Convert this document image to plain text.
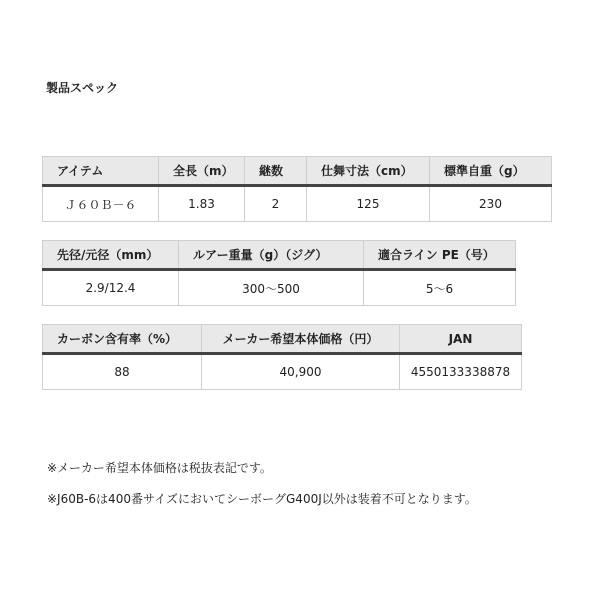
製品スペック
アイテム	全長（m）	継数	仕舞寸法（cm）	標準自重（g）
Ｊ６０Ｂ－６	1.83	2	125	230
先径/元径（mm）	ルアー重量（g）（ジグ）	適合ライン PE（号）
2.9/12.4	300〜500	5〜6
カーボン含有率（%）	メーカー希望本体価格（円）	JAN
88	40,900	4550133338878
※メーカー希望本体価格は税抜表記です。
※J60B-6は400番サイズにおいてシーボーグG400J以外は装着不可となります。
